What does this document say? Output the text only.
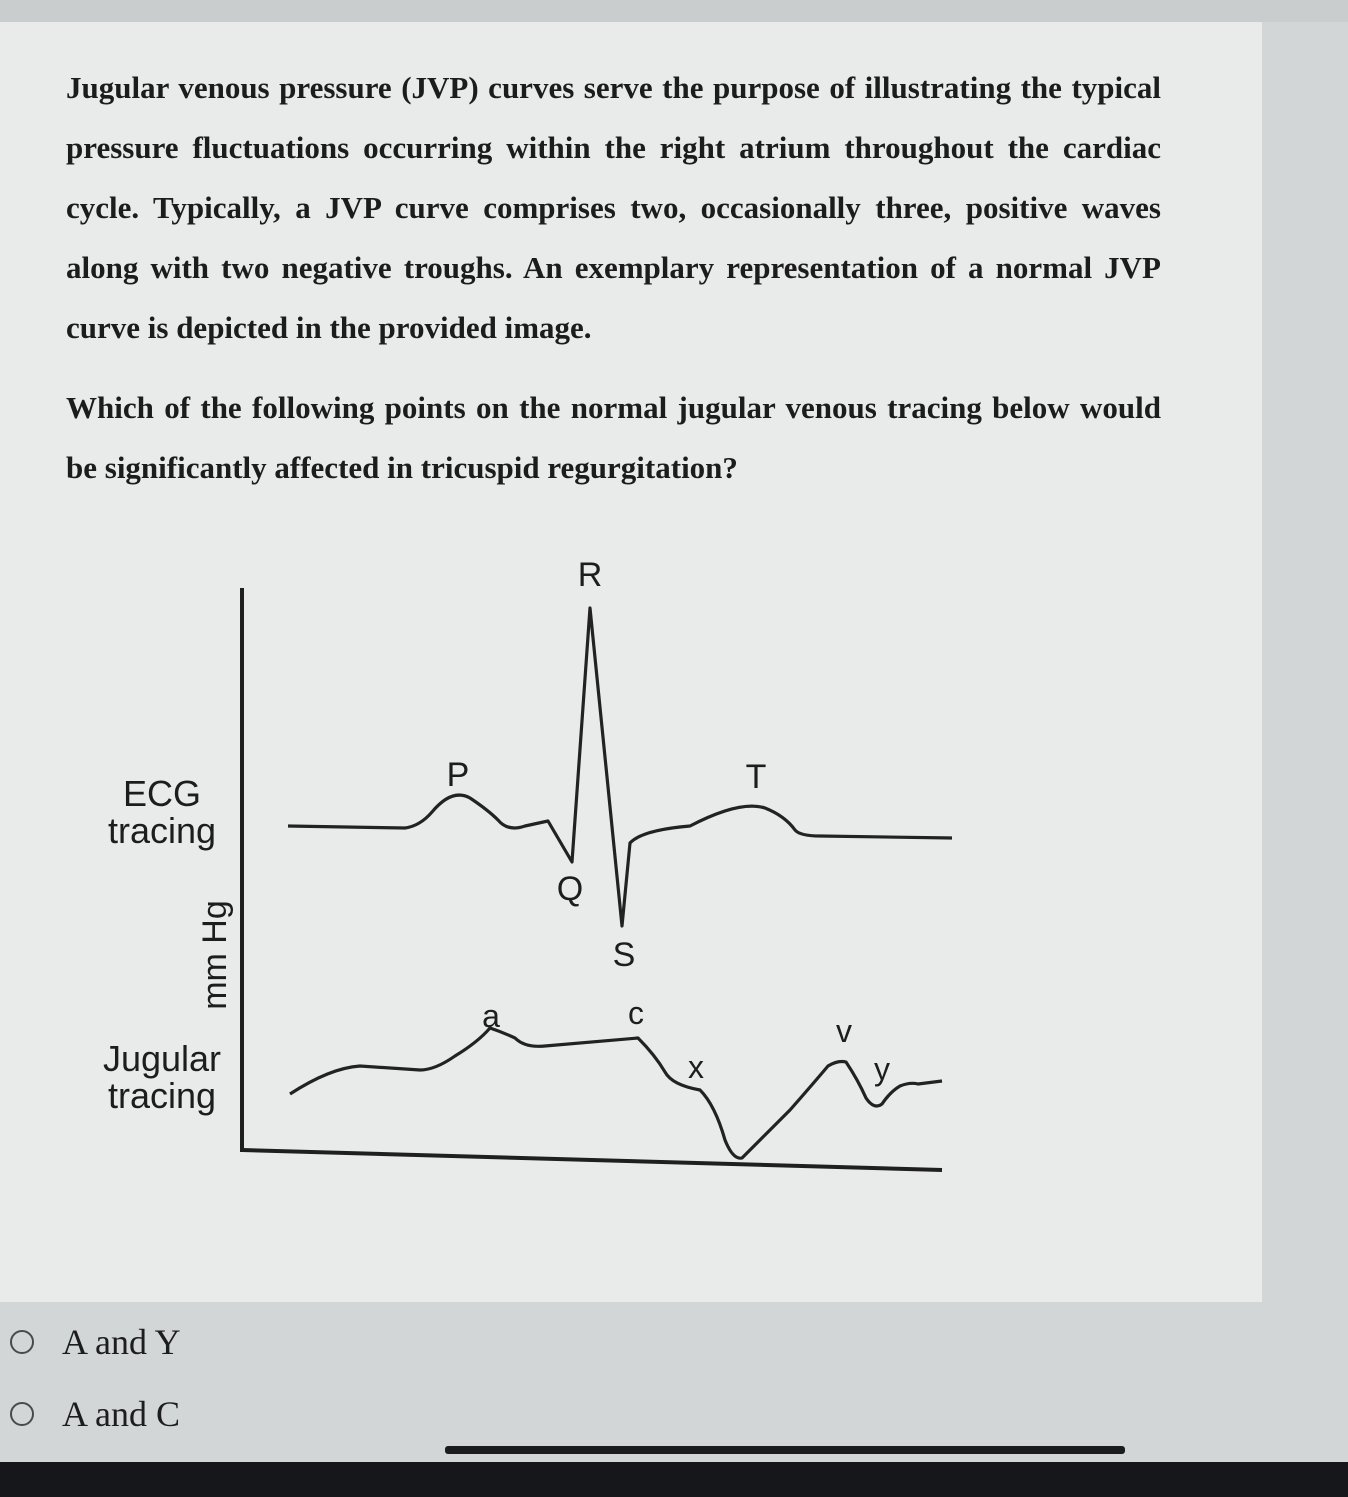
Jugular venous pressure (JVP) curves serve the purpose of illustrating the typical pressure fluctuations occurring within the right atrium throughout the cardiac cycle. Typically, a JVP curve comprises two, occasionally three, positive waves along with two negative troughs. An exemplary representation of a normal JVP curve is depicted in the provided image.

Which of the following points on the normal jugular venous tracing below would be significantly affected in tricuspid regurgitation?

ECG
tracing
mm Hg
Jugular
tracing
R
P	T
Q
S
a	c
x
v
y
A and Y
A and C
